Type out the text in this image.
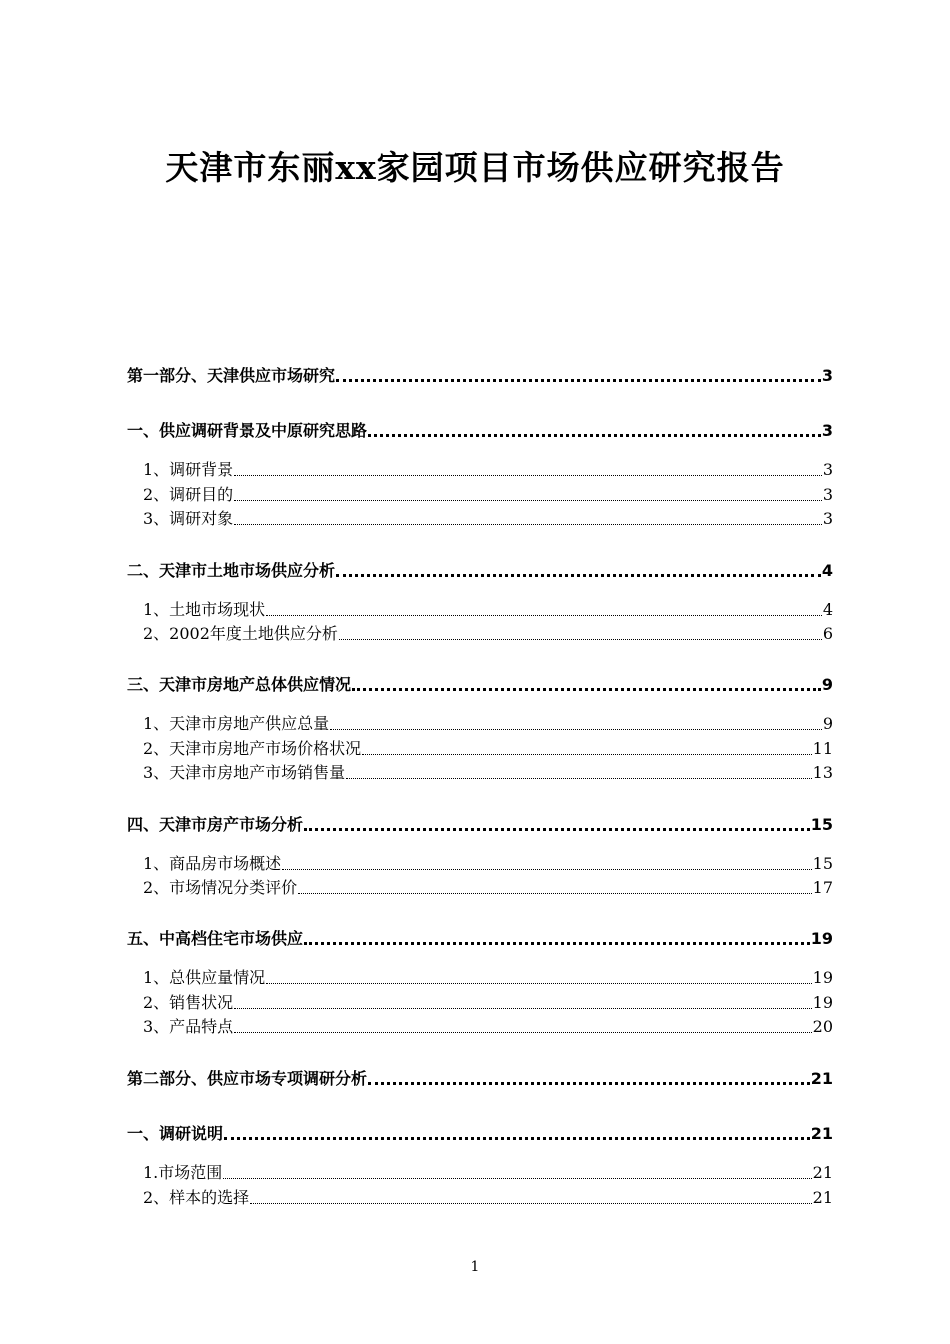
天津市东丽xx家园项目市场供应研究报告
第一部分、天津供应市场研究	3
一、供应调研背景及中原研究思路	3
1、调研背景	3
2、调研目的	3
3、调研对象	3
二、天津市土地市场供应分析	4
1、土地市场现状	4
2、2002年度土地供应分析	6
三、天津市房地产总体供应情况	9
1、天津市房地产供应总量	9
2、天津市房地产市场价格状况	11
3、天津市房地产市场销售量	13
四、天津市房产市场分析	15
1、商品房市场概述	15
2、市场情况分类评价	17
五、中高档住宅市场供应	19
1、总供应量情况	19
2、销售状况	19
3、产品特点	20
第二部分、供应市场专项调研分析	21
一、调研说明	21
1.市场范围	21
2、样本的选择	21
1
